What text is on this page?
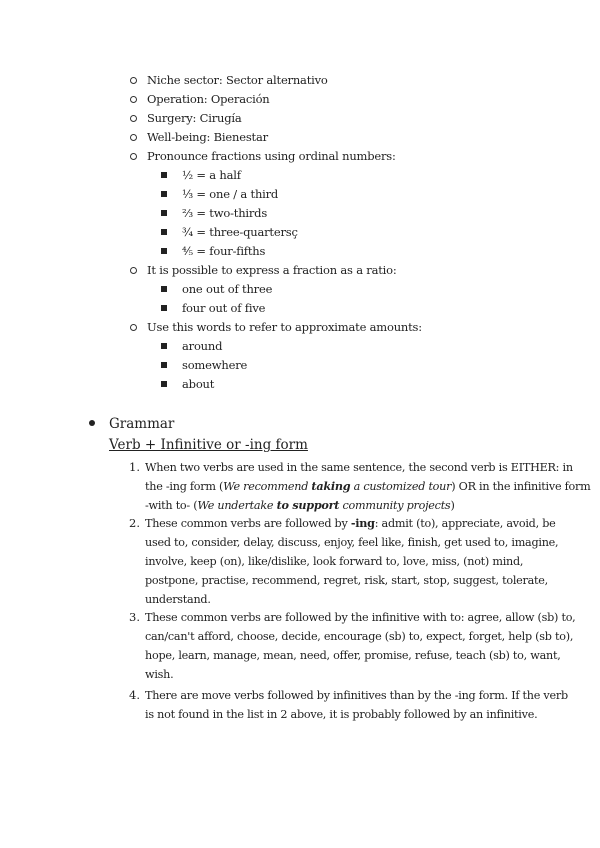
Niche sector: Sector alternativo
Operation: Operación
Surgery: Cirugía
Well-being: Bienestar
Pronounce fractions using ordinal numbers:
½ = a half
⅓ = one / a third
⅔ = two-thirds
¾ = three-quartersç
⅘ = four-fifths
It is possible to express a fraction as a ratio:
one out of three
four out of five
Use this words to refer to approximate amounts:
around
somewhere
about
Grammar
Verb + Infinitive or -ing form
1. When two verbs are used in the same sentence, the second verb is EITHER: in
the -ing form (We recommend taking a customized tour) OR in the infinitive form
-with to- (We undertake to support community projects)
2. These common verbs are followed by -ing: admit (to), appreciate, avoid, be
used to, consider, delay, discuss, enjoy, feel like, finish, get used to, imagine,
involve, keep (on), like/dislike, look forward to, love, miss, (not) mind,
postpone, practise, recommend, regret, risk, start, stop, suggest, tolerate,
understand.
3. These common verbs are followed by the infinitive with to: agree, allow (sb) to,
can/can't afford, choose, decide, encourage (sb) to, expect, forget, help (sb to),
hope, learn, manage, mean, need, offer, promise, refuse, teach (sb) to, want,
wish.
4. There are move verbs followed by infinitives than by the -ing form. If the verb
is not found in the list in 2 above, it is probably followed by an infinitive.
